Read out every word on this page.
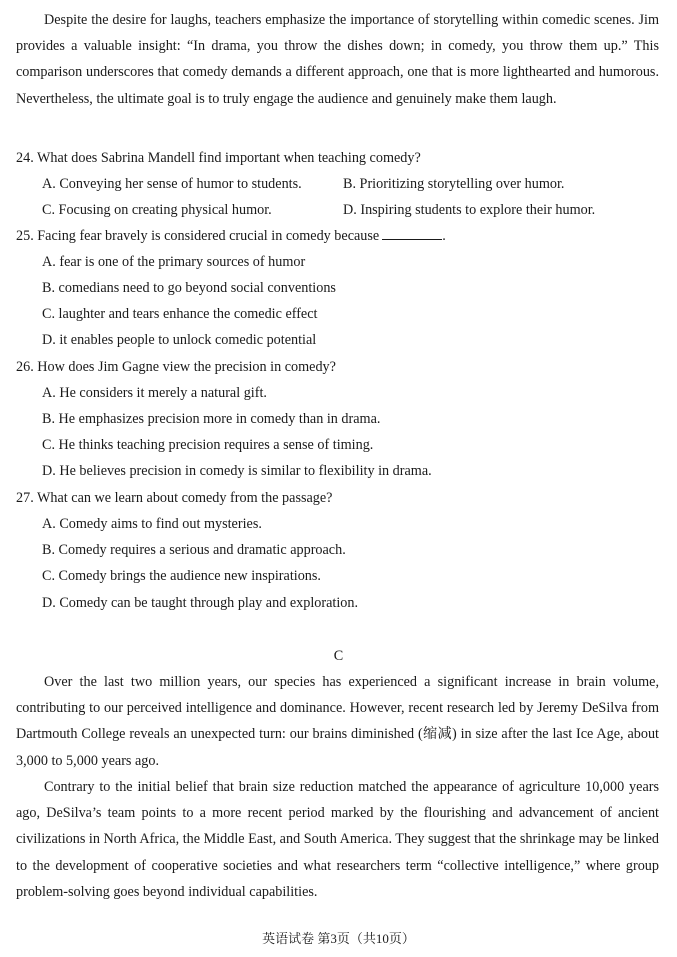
Despite the desire for laughs, teachers emphasize the importance of storytelling within comedic scenes. Jim provides a valuable insight: “In drama, you throw the dishes down; in comedy, you throw them up.” This comparison underscores that comedy demands a different approach, one that is more lighthearted and humorous. Nevertheless, the ultimate goal is to truly engage the audience and genuinely make them laugh.

24. What does Sabrina Mandell find important when teaching comedy?

A. Conveying her sense of humor to students.	B. Prioritizing storytelling over humor.

C. Focusing on creating physical humor.	D. Inspiring students to explore their humor.

25. Facing fear bravely is considered crucial in comedy because	.

A. fear is one of the primary sources of humor

B. comedians need to go beyond social conventions

C. laughter and tears enhance the comedic effect

D. it enables people to unlock comedic potential

26. How does Jim Gagne view the precision in comedy?

A. He considers it merely a natural gift.

B. He emphasizes precision more in comedy than in drama.

C. He thinks teaching precision requires a sense of timing.

D. He believes precision in comedy is similar to flexibility in drama.

27. What can we learn about comedy from the passage?

A. Comedy aims to find out mysteries.

B. Comedy requires a serious and dramatic approach.

C. Comedy brings the audience new inspirations.

D. Comedy can be taught through play and exploration.

C

Over the last two million years, our species has experienced a significant increase in brain volume, contributing to our perceived intelligence and dominance. However, recent research led by Jeremy DeSilva from Dartmouth College reveals an unexpected turn: our brains diminished (缩减) in size after the last Ice Age, about 3,000 to 5,000 years ago.

Contrary to the initial belief that brain size reduction matched the appearance of agriculture 10,000 years ago, DeSilva’s team points to a more recent period marked by the flourishing and advancement of ancient civilizations in North Africa, the Middle East, and South America. They suggest that the shrinkage may be linked to the development of cooperative societies and what researchers term “collective intelligence,” where group problem-solving goes beyond individual capabilities.

英语试卷 第3页（共10页）
